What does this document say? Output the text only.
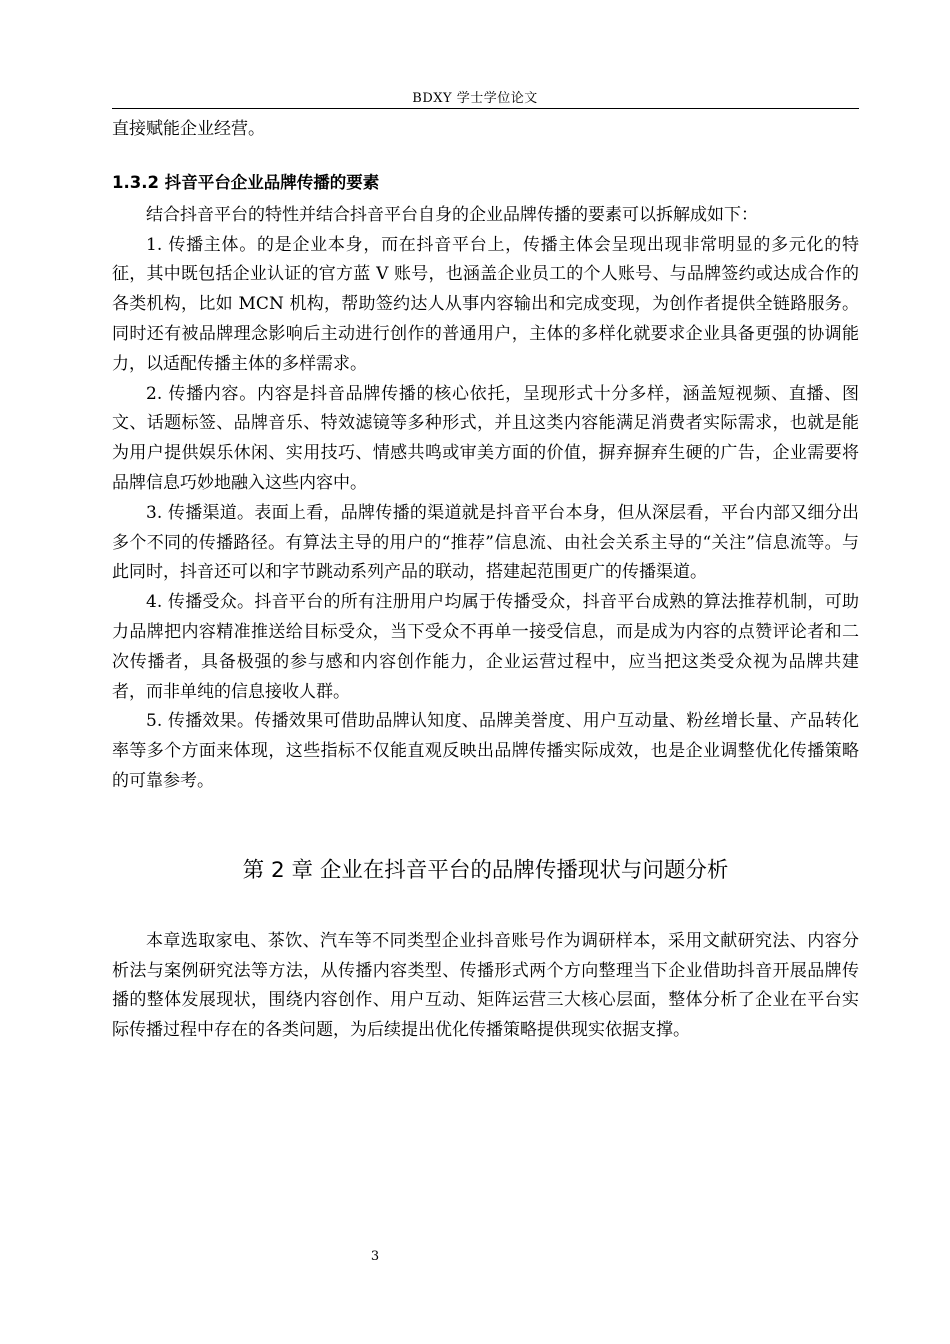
BDXY 学士学位论文

直接赋能企业经营。

1.3.2 抖音平台企业品牌传播的要素

结合抖音平台的特性并结合抖音平台自身的企业品牌传播的要素可以拆解成如下：

1. 传播主体。的是企业本身，而在抖音平台上，传播主体会呈现出现非常明显的多元化的特征，其中既包括企业认证的官方蓝 V 账号，也涵盖企业员工的个人账号、与品牌签约或达成合作的各类机构，比如 MCN 机构，帮助签约达人从事内容输出和完成变现，为创作者提供全链路服务。同时还有被品牌理念影响后主动进行创作的普通用户，主体的多样化就要求企业具备更强的协调能力，以适配传播主体的多样需求。

2. 传播内容。内容是抖音品牌传播的核心依托，呈现形式十分多样，涵盖短视频、直播、图文、话题标签、品牌音乐、特效滤镜等多种形式，并且这类内容能满足消费者实际需求，也就是能为用户提供娱乐休闲、实用技巧、情感共鸣或审美方面的价值，摒弃摒弃生硬的广告，企业需要将品牌信息巧妙地融入这些内容中。

3. 传播渠道。表面上看，品牌传播的渠道就是抖音平台本身，但从深层看，平台内部又细分出多个不同的传播路径。有算法主导的用户的“推荐”信息流、由社会关系主导的“关注”信息流等。与此同时，抖音还可以和字节跳动系列产品的联动，搭建起范围更广的传播渠道。

4. 传播受众。抖音平台的所有注册用户均属于传播受众，抖音平台成熟的算法推荐机制，可助力品牌把内容精准推送给目标受众，当下受众不再单一接受信息，而是成为内容的点赞评论者和二次传播者，具备极强的参与感和内容创作能力，企业运营过程中，应当把这类受众视为品牌共建者，而非单纯的信息接收人群。

5. 传播效果。传播效果可借助品牌认知度、品牌美誉度、用户互动量、粉丝增长量、产品转化率等多个方面来体现，这些指标不仅能直观反映出品牌传播实际成效，也是企业调整优化传播策略的可靠参考。

第 2 章 企业在抖音平台的品牌传播现状与问题分析

本章选取家电、茶饮、汽车等不同类型企业抖音账号作为调研样本，采用文献研究法、内容分析法与案例研究法等方法，从传播内容类型、传播形式两个方向整理当下企业借助抖音开展品牌传播的整体发展现状，围绕内容创作、用户互动、矩阵运营三大核心层面，整体分析了企业在平台实际传播过程中存在的各类问题，为后续提出优化传播策略提供现实依据支撑。

3
